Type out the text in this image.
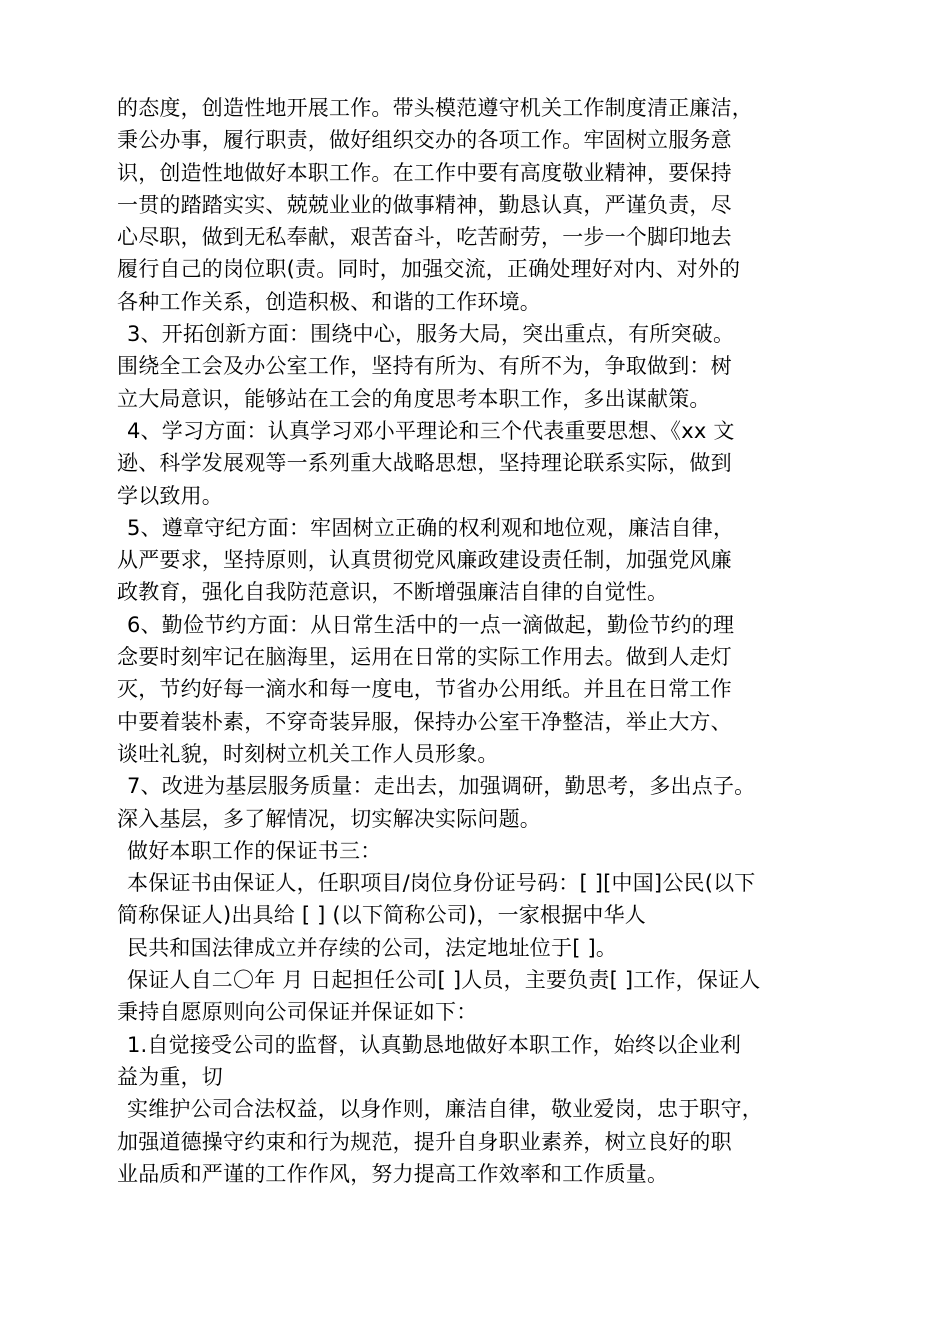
的态度，创造性地开展工作。带头模范遵守机关工作制度清正廉洁，
秉公办事，履行职责，做好组织交办的各项工作。牢固树立服务意
识，创造性地做好本职工作。在工作中要有高度敬业精神，要保持
一贯的踏踏实实、兢兢业业的做事精神，勤恳认真，严谨负责，尽
心尽职，做到无私奉献，艰苦奋斗，吃苦耐劳，一步一个脚印地去
履行自己的岗位职(责。同时，加强交流，正确处理好对内、对外的
各种工作关系，创造积极、和谐的工作环境。
3、开拓创新方面：围绕中心，服务大局，突出重点，有所突破。
围绕全工会及办公室工作，坚持有所为、有所不为，争取做到：树
立大局意识，能够站在工会的角度思考本职工作，多出谋献策。
4、学习方面：认真学习邓小平理论和三个代表重要思想、《xx 文
逊、科学发展观等一系列重大战略思想，坚持理论联系实际，做到
学以致用。
5、遵章守纪方面：牢固树立正确的权利观和地位观，廉洁自律，
从严要求，坚持原则，认真贯彻党风廉政建设责任制，加强党风廉
政教育，强化自我防范意识，不断增强廉洁自律的自觉性。
6、勤俭节约方面：从日常生活中的一点一滴做起，勤俭节约的理
念要时刻牢记在脑海里，运用在日常的实际工作用去。做到人走灯
灭，节约好每一滴水和每一度电，节省办公用纸。并且在日常工作
中要着装朴素，不穿奇装异服，保持办公室干净整洁，举止大方、
谈吐礼貌，时刻树立机关工作人员形象。
7、改进为基层服务质量：走出去，加强调研，勤思考，多出点子。
深入基层，多了解情况，切实解决实际问题。
做好本职工作的保证书三：
本保证书由保证人，任职项目/岗位身份证号码：[ ][中国]公民(以下
简称保证人)出具给 [ ] (以下简称公司)，一家根据中华人
民共和国法律成立并存续的公司，法定地址位于[ ]。
保证人自二〇年 月 日起担任公司[ ]人员，主要负责[ ]工作，保证人
秉持自愿原则向公司保证并保证如下：
1.自觉接受公司的监督，认真勤恳地做好本职工作，始终以企业利
益为重，切
实维护公司合法权益，以身作则，廉洁自律，敬业爱岗，忠于职守，
加强道德操守约束和行为规范，提升自身职业素养，树立良好的职
业品质和严谨的工作作风，努力提高工作效率和工作质量。
